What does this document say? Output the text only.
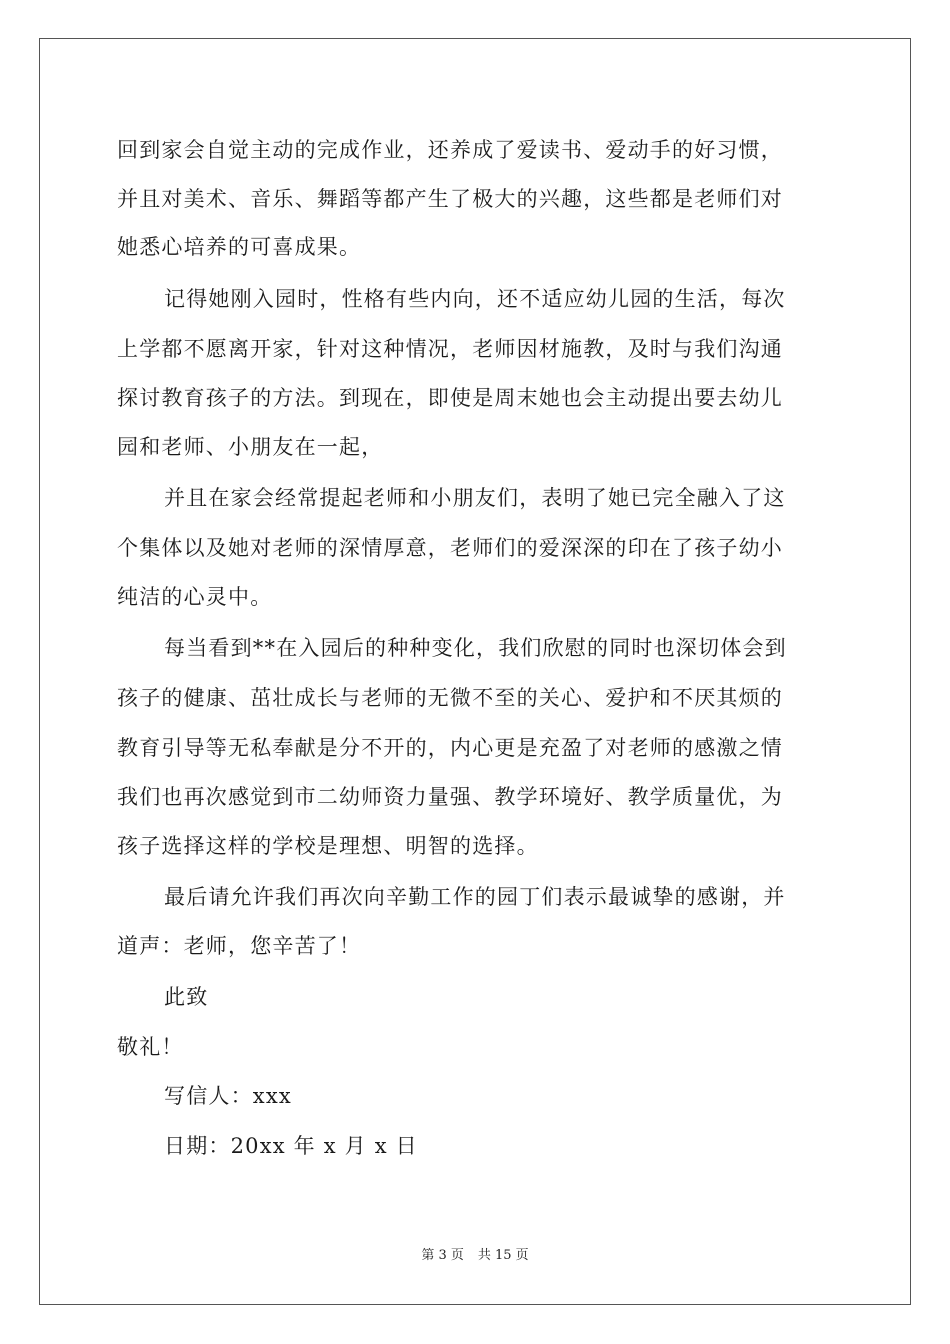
回到家会自觉主动的完成作业，还养成了爱读书、爱动手的好习惯，
并且对美术、音乐、舞蹈等都产生了极大的兴趣，这些都是老师们对
她悉心培养的可喜成果。
记得她刚入园时，性格有些内向，还不适应幼儿园的生活，每次
上学都不愿离开家，针对这种情况，老师因材施教，及时与我们沟通
探讨教育孩子的方法。到现在，即使是周末她也会主动提出要去幼儿
园和老师、小朋友在一起，
并且在家会经常提起老师和小朋友们，表明了她已完全融入了这
个集体以及她对老师的深情厚意，老师们的爱深深的印在了孩子幼小
纯洁的心灵中。
每当看到**在入园后的种种变化，我们欣慰的同时也深切体会到
孩子的健康、茁壮成长与老师的无微不至的关心、爱护和不厌其烦的
教育引导等无私奉献是分不开的，内心更是充盈了对老师的感激之情
我们也再次感觉到市二幼师资力量强、教学环境好、教学质量优，为
孩子选择这样的学校是理想、明智的选择。
最后请允许我们再次向辛勤工作的园丁们表示最诚挚的感谢，并
道声：老师，您辛苦了！
此致
敬礼！
写信人：xxx
日期：20xx 年 x 月 x 日
第 3 页 共 15 页
